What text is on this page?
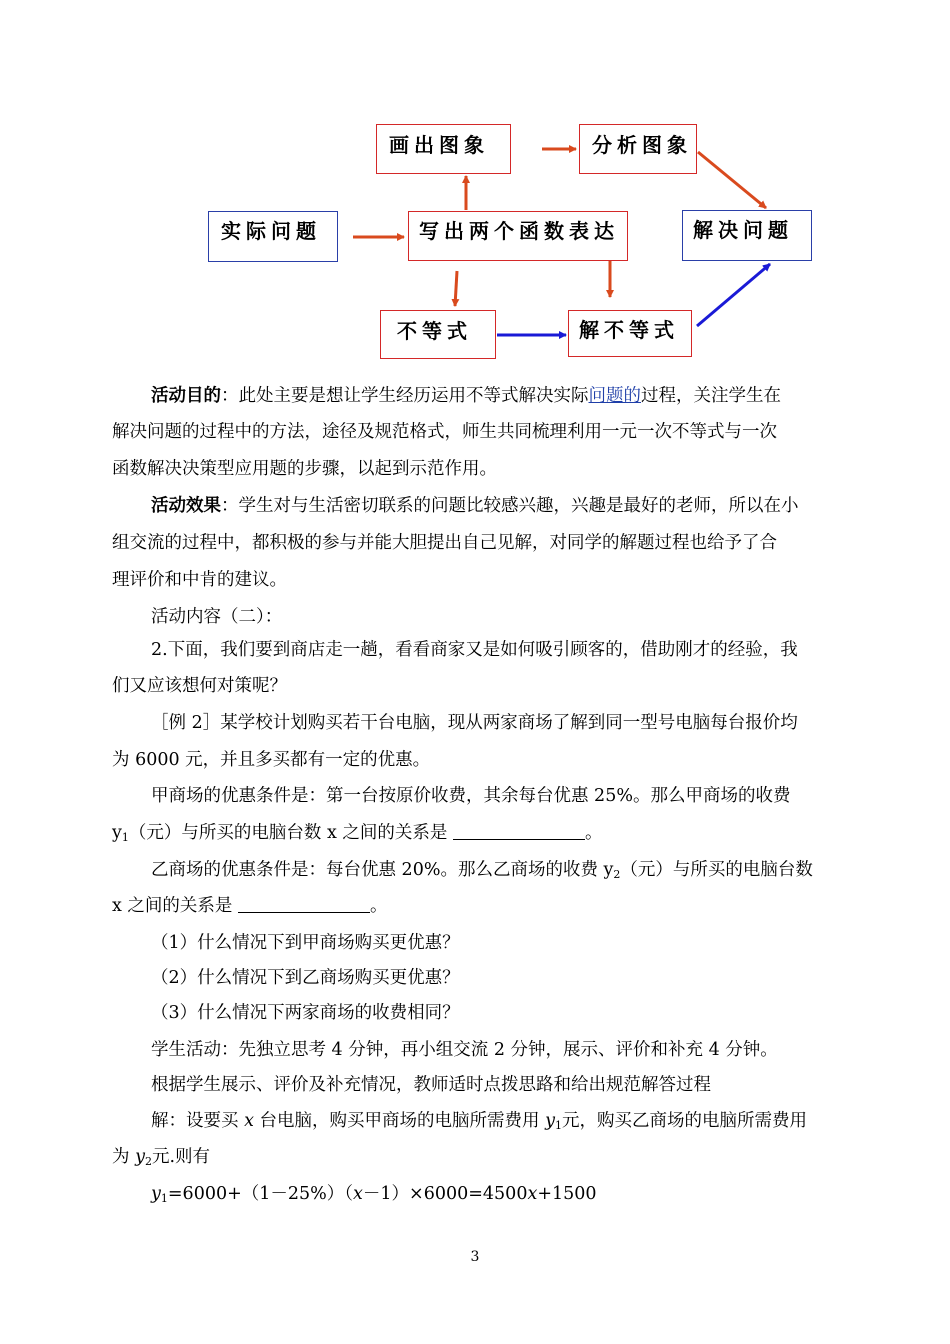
画出图象	分析图象
实际问题	写出两个函数表达	解决问题
不等式	解不等式
活动目的：此处主要是想让学生经历运用不等式解决实际问题的过程，关注学生在
解决问题的过程中的方法，途径及规范格式，师生共同梳理利用一元一次不等式与一次
函数解决决策型应用题的步骤，以起到示范作用。
活动效果：学生对与生活密切联系的问题比较感兴趣，兴趣是最好的老师，所以在小
组交流的过程中，都积极的参与并能大胆提出自己见解，对同学的解题过程也给予了合
理评价和中肯的建议。
活动内容（二）：
2.下面，我们要到商店走一趟，看看商家又是如何吸引顾客的，借助刚才的经验，我
们又应该想何对策呢？
［例 2］某学校计划购买若干台电脑，现从两家商场了解到同一型号电脑每台报价均
为 6000 元，并且多买都有一定的优惠。
甲商场的优惠条件是：第一台按原价收费，其余每台优惠 25%。那么甲商场的收费
$y_1$（元）与所买的电脑台数 x 之间的关系是	。
乙商场的优惠条件是：每台优惠 20%。那么乙商场的收费 $y_2$（元）与所买的电脑台数
x 之间的关系是	。
（1）什么情况下到甲商场购买更优惠？
（2）什么情况下到乙商场购买更优惠？
（3）什么情况下两家商场的收费相同？
学生活动：先独立思考 4 分钟，再小组交流 2 分钟，展示、评价和补充 4 分钟。
根据学生展示、评价及补充情况，教师适时点拨思路和给出规范解答过程
解：设要买 x 台电脑，购买甲商场的电脑所需费用 $y_1$元，购买乙商场的电脑所需费用
为 $y_2$元.则有
$y_1=6000+(1-25\%)(x-1)\times 6000=4500x+1500$
3
